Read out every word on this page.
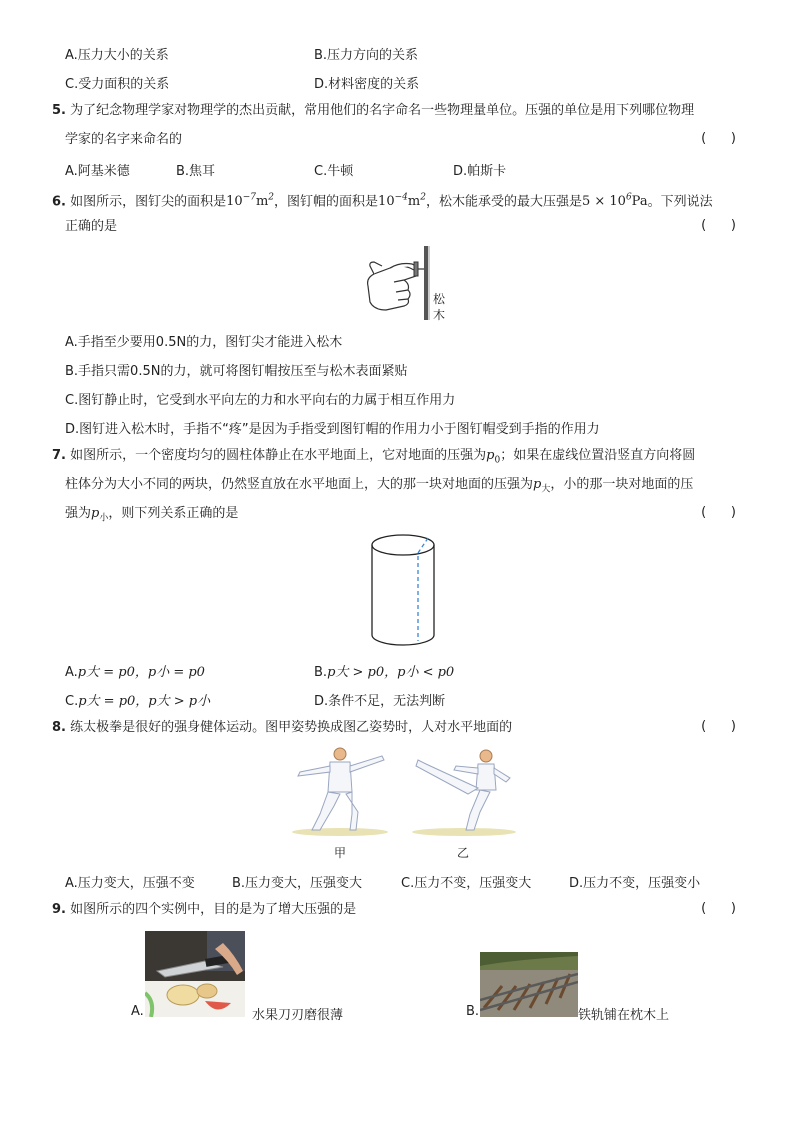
A.压力大小的关系	B.压力方向的关系
C.受力面积的关系	D.材料密度的关系
5. 为了纪念物理学家对物理学的杰出贡献，常用他们的名字命名一些物理量单位。压强的单位是用下列哪位物理
学家的名字来命名的	(      )
A.阿基米德	B.焦耳	C.牛顿	D.帕斯卡
6. 如图所示，图钉尖的面积是$10^{-7}m^2$，图钉帽的面积是$10^{-4}m^2$，松木能承受的最大压强是$5 \times 10^6Pa$。下列说法
正确的是	(      )
松
木
A.手指至少要用0.5N的力，图钉尖才能进入松木
B.手指只需0.5N的力，就可将图钉帽按压至与松木表面紧贴
C.图钉静止时，它受到水平向左的力和水平向右的力属于相互作用力
D.图钉进入松木时，手指不“疼”是因为手指受到图钉帽的作用力小于图钉帽受到手指的作用力
7. 如图所示，一个密度均匀的圆柱体静止在水平地面上，它对地面的压强为$p_0$；如果在虚线位置沿竖直方向将圆
柱体分为大小不同的两块，仍然竖直放在水平地面上，大的那一块对地面的压强为$p_大$，小的那一块对地面的压
强为$p_小$，则下列关系正确的是	(      )
A.p大 = p0，p小 = p0	B.p大 > p0，p小 < p0
C.p大 = p0，p大 > p小	D.条件不足，无法判断
8. 练太极拳是很好的强身健体运动。图甲姿势换成图乙姿势时，人对水平地面的	(      )
甲	乙
A.压力变大，压强不变	B.压力变大，压强变大	C.压力不变，压强变大	D.压力不变，压强变小
9. 如图所示的四个实例中，目的是为了增大压强的是	(      )
A.	水果刀刃磨很薄	B.	铁轨铺在枕木上
